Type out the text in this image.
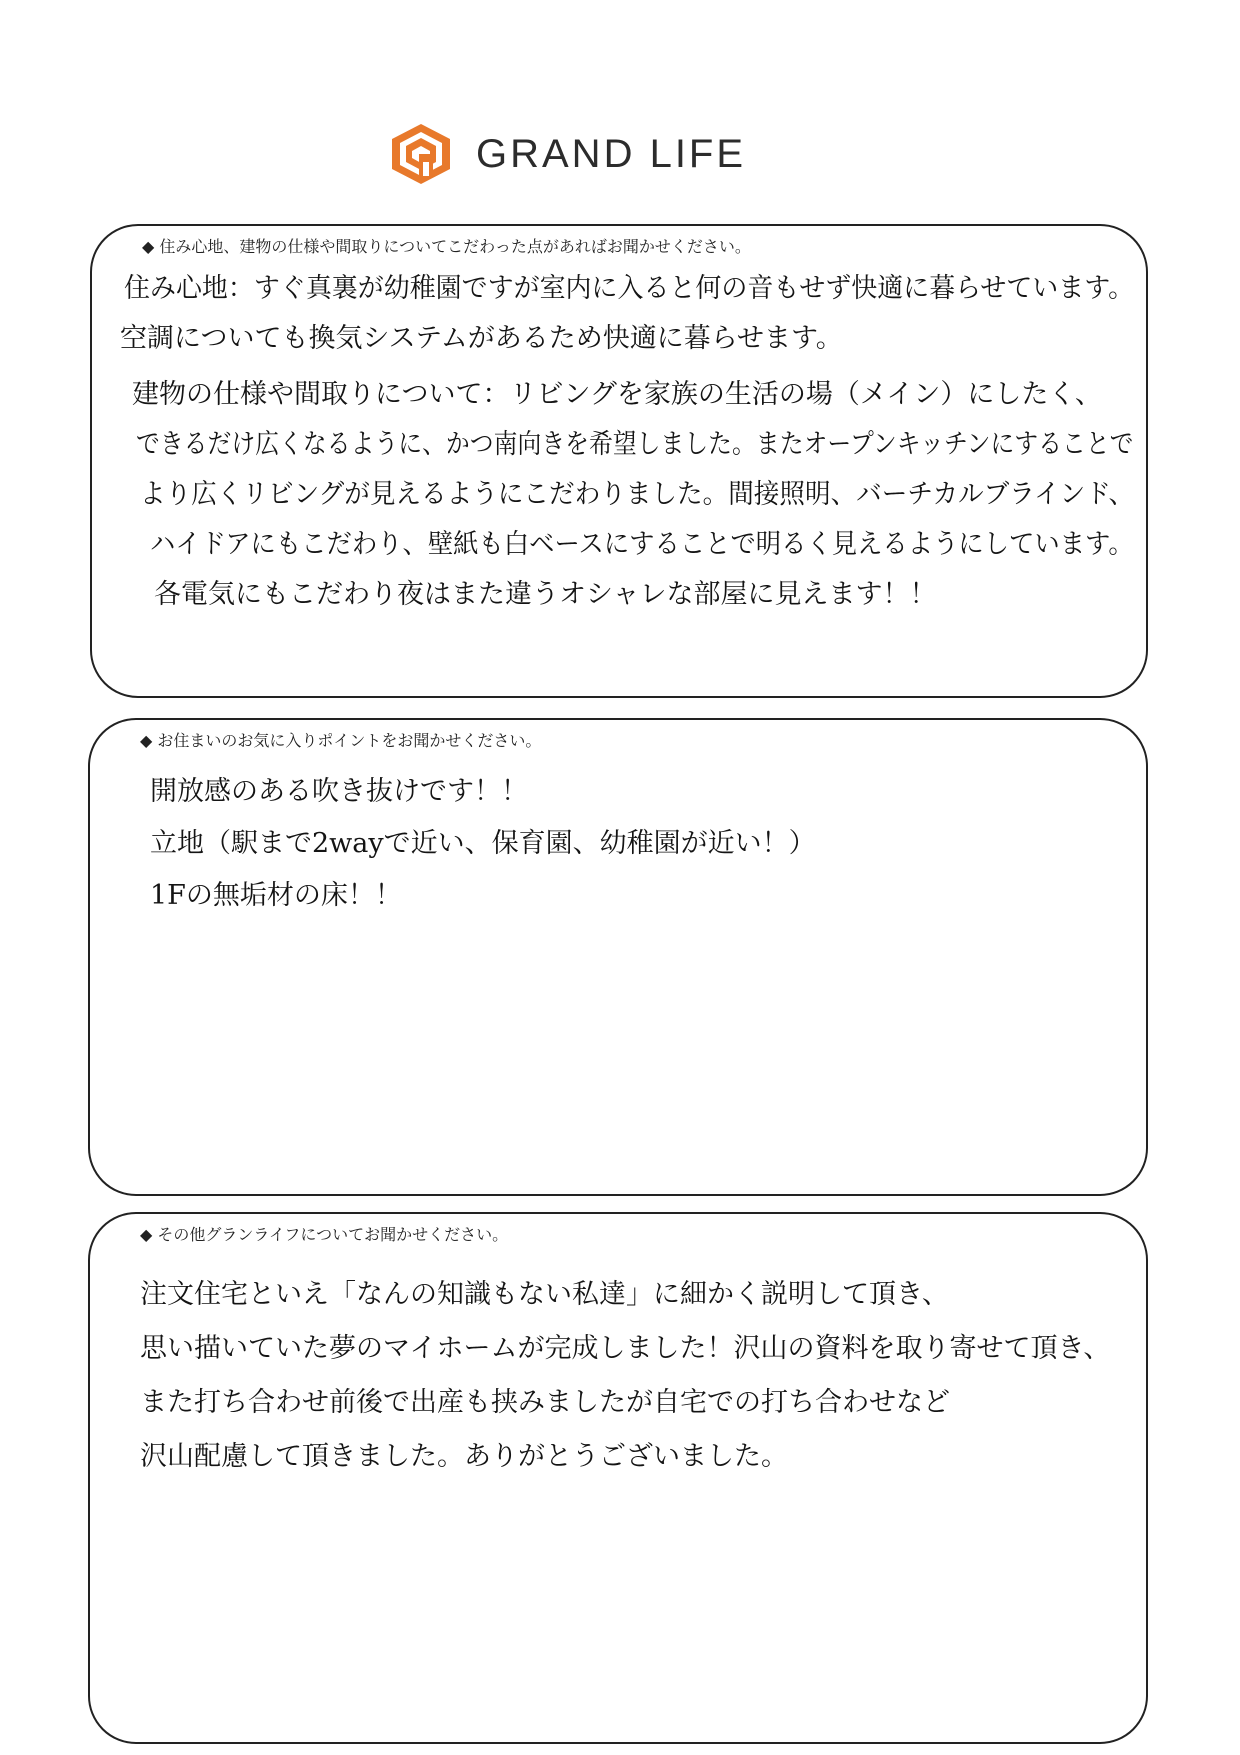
GRAND LIFE
◆ 住み心地、建物の仕様や間取りについてこだわった点があればお聞かせください。
住み心地：すぐ真裏が幼稚園ですが室内に入ると何の音もせず快適に暮らせています。
空調についても換気システムがあるため快適に暮らせます。
建物の仕様や間取りについて：リビングを家族の生活の場（メイン）にしたく、
できるだけ広くなるように、かつ南向きを希望しました。またオープンキッチンにすることで
より広くリビングが見えるようにこだわりました。間接照明、バーチカルブラインド、
ハイドアにもこだわり、壁紙も白ベースにすることで明るく見えるようにしています。
各電気にもこだわり夜はまた違うオシャレな部屋に見えます！！
◆ お住まいのお気に入りポイントをお聞かせください。
開放感のある吹き抜けです！！
立地（駅まで2wayで近い、保育園、幼稚園が近い！）
1Fの無垢材の床！！
◆ その他グランライフについてお聞かせください。
注文住宅といえ「なんの知識もない私達」に細かく説明して頂き、
思い描いていた夢のマイホームが完成しました！沢山の資料を取り寄せて頂き、
また打ち合わせ前後で出産も挟みましたが自宅での打ち合わせなど
沢山配慮して頂きました。ありがとうございました。
